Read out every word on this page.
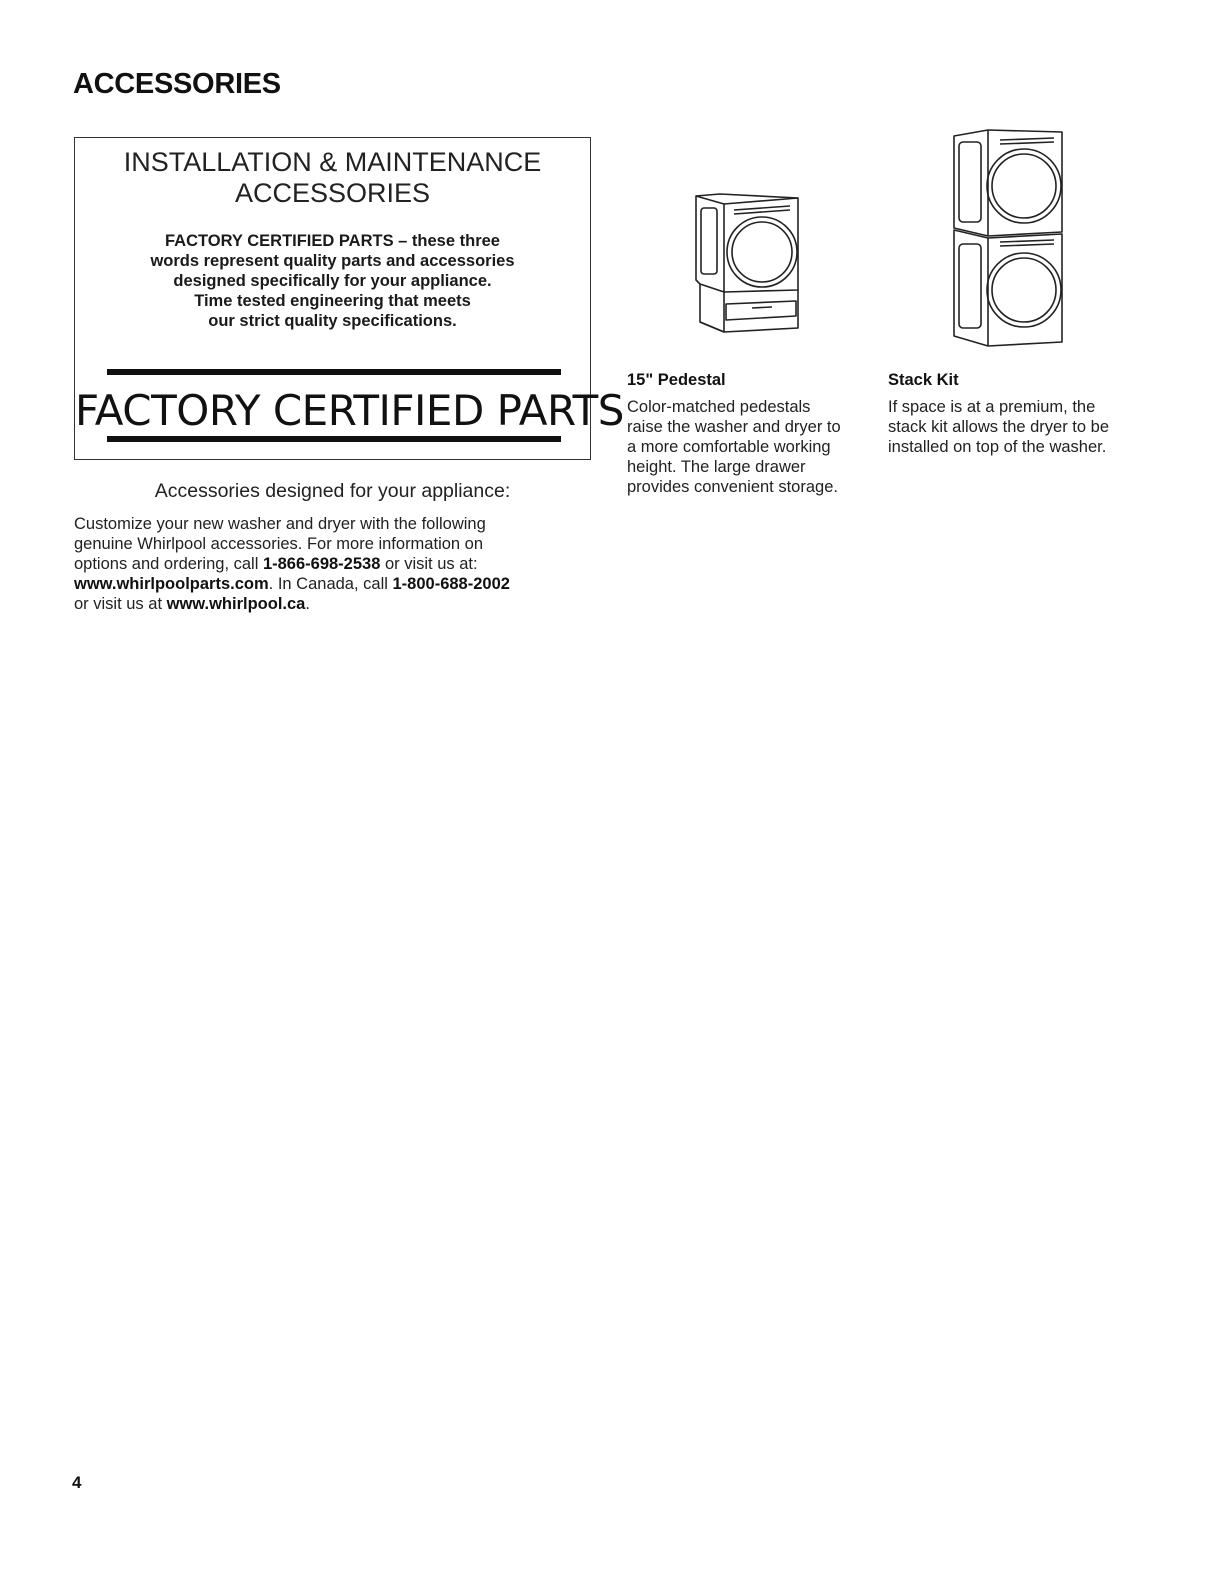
ACCESSORIES
INSTALLATION & MAINTENANCE
ACCESSORIES
FACTORY CERTIFIED PARTS – these three
words represent quality parts and accessories
designed specifically for your appliance.
Time tested engineering that meets
our strict quality specifications.
FACTORY CERTIFIED PARTS
Accessories designed for your appliance:
Customize your new washer and dryer with the following
genuine Whirlpool accessories. For more information on
options and ordering, call 1-866-698-2538 or visit us at:
www.whirlpoolparts.com. In Canada, call 1-800-688-2002
or visit us at www.whirlpool.ca.
15" Pedestal
Color-matched pedestals
raise the washer and dryer to
a more comfortable working
height. The large drawer
provides convenient storage.
Stack Kit
If space is at a premium, the
stack kit allows the dryer to be
installed on top of the washer.
4
